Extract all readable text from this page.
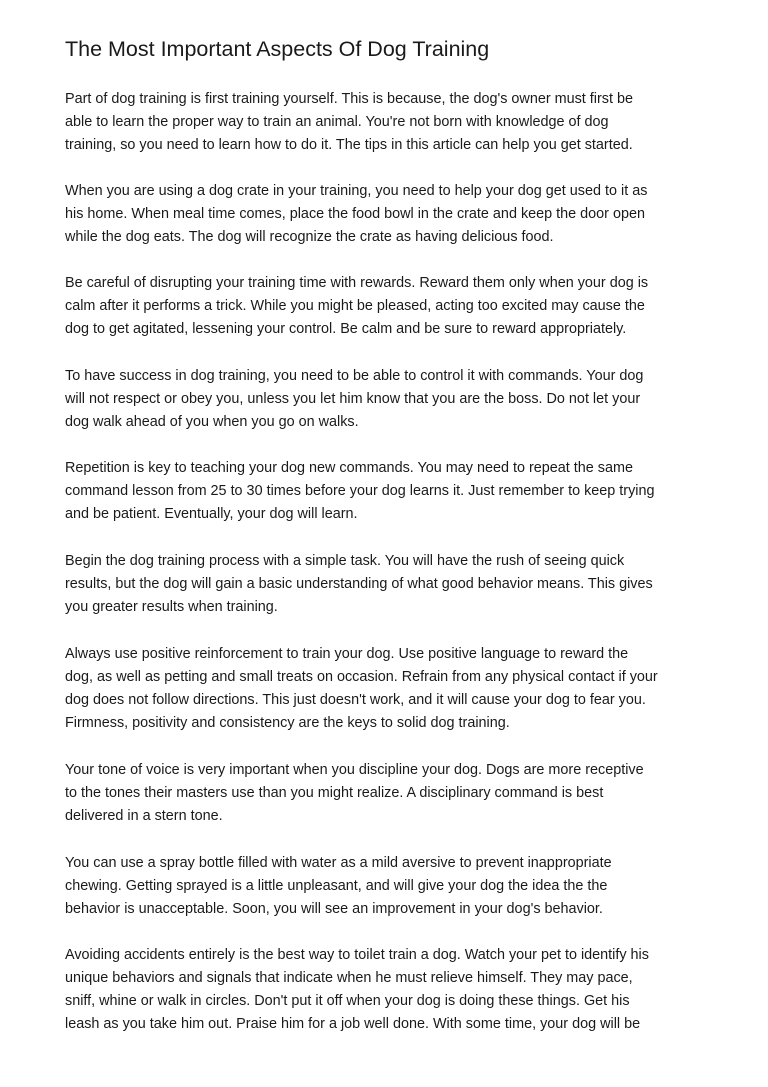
The Most Important Aspects Of Dog Training

Part of dog training is first training yourself. This is because, the dog's owner must first be
able to learn the proper way to train an animal. You're not born with knowledge of dog
training, so you need to learn how to do it. The tips in this article can help you get started.

When you are using a dog crate in your training, you need to help your dog get used to it as
his home. When meal time comes, place the food bowl in the crate and keep the door open
while the dog eats. The dog will recognize the crate as having delicious food.

Be careful of disrupting your training time with rewards. Reward them only when your dog is
calm after it performs a trick. While you might be pleased, acting too excited may cause the
dog to get agitated, lessening your control. Be calm and be sure to reward appropriately.

To have success in dog training, you need to be able to control it with commands. Your dog
will not respect or obey you, unless you let him know that you are the boss. Do not let your
dog walk ahead of you when you go on walks.

Repetition is key to teaching your dog new commands. You may need to repeat the same
command lesson from 25 to 30 times before your dog learns it. Just remember to keep trying
and be patient. Eventually, your dog will learn.

Begin the dog training process with a simple task. You will have the rush of seeing quick
results, but the dog will gain a basic understanding of what good behavior means. This gives
you greater results when training.

Always use positive reinforcement to train your dog. Use positive language to reward the
dog, as well as petting and small treats on occasion. Refrain from any physical contact if your
dog does not follow directions. This just doesn't work, and it will cause your dog to fear you.
Firmness, positivity and consistency are the keys to solid dog training.

Your tone of voice is very important when you discipline your dog. Dogs are more receptive
to the tones their masters use than you might realize. A disciplinary command is best
delivered in a stern tone.

You can use a spray bottle filled with water as a mild aversive to prevent inappropriate
chewing. Getting sprayed is a little unpleasant, and will give your dog the idea the the
behavior is unacceptable. Soon, you will see an improvement in your dog's behavior.

Avoiding accidents entirely is the best way to toilet train a dog. Watch your pet to identify his
unique behaviors and signals that indicate when he must relieve himself. They may pace,
sniff, whine or walk in circles. Don't put it off when your dog is doing these things. Get his
leash as you take him out. Praise him for a job well done. With some time, your dog will be
